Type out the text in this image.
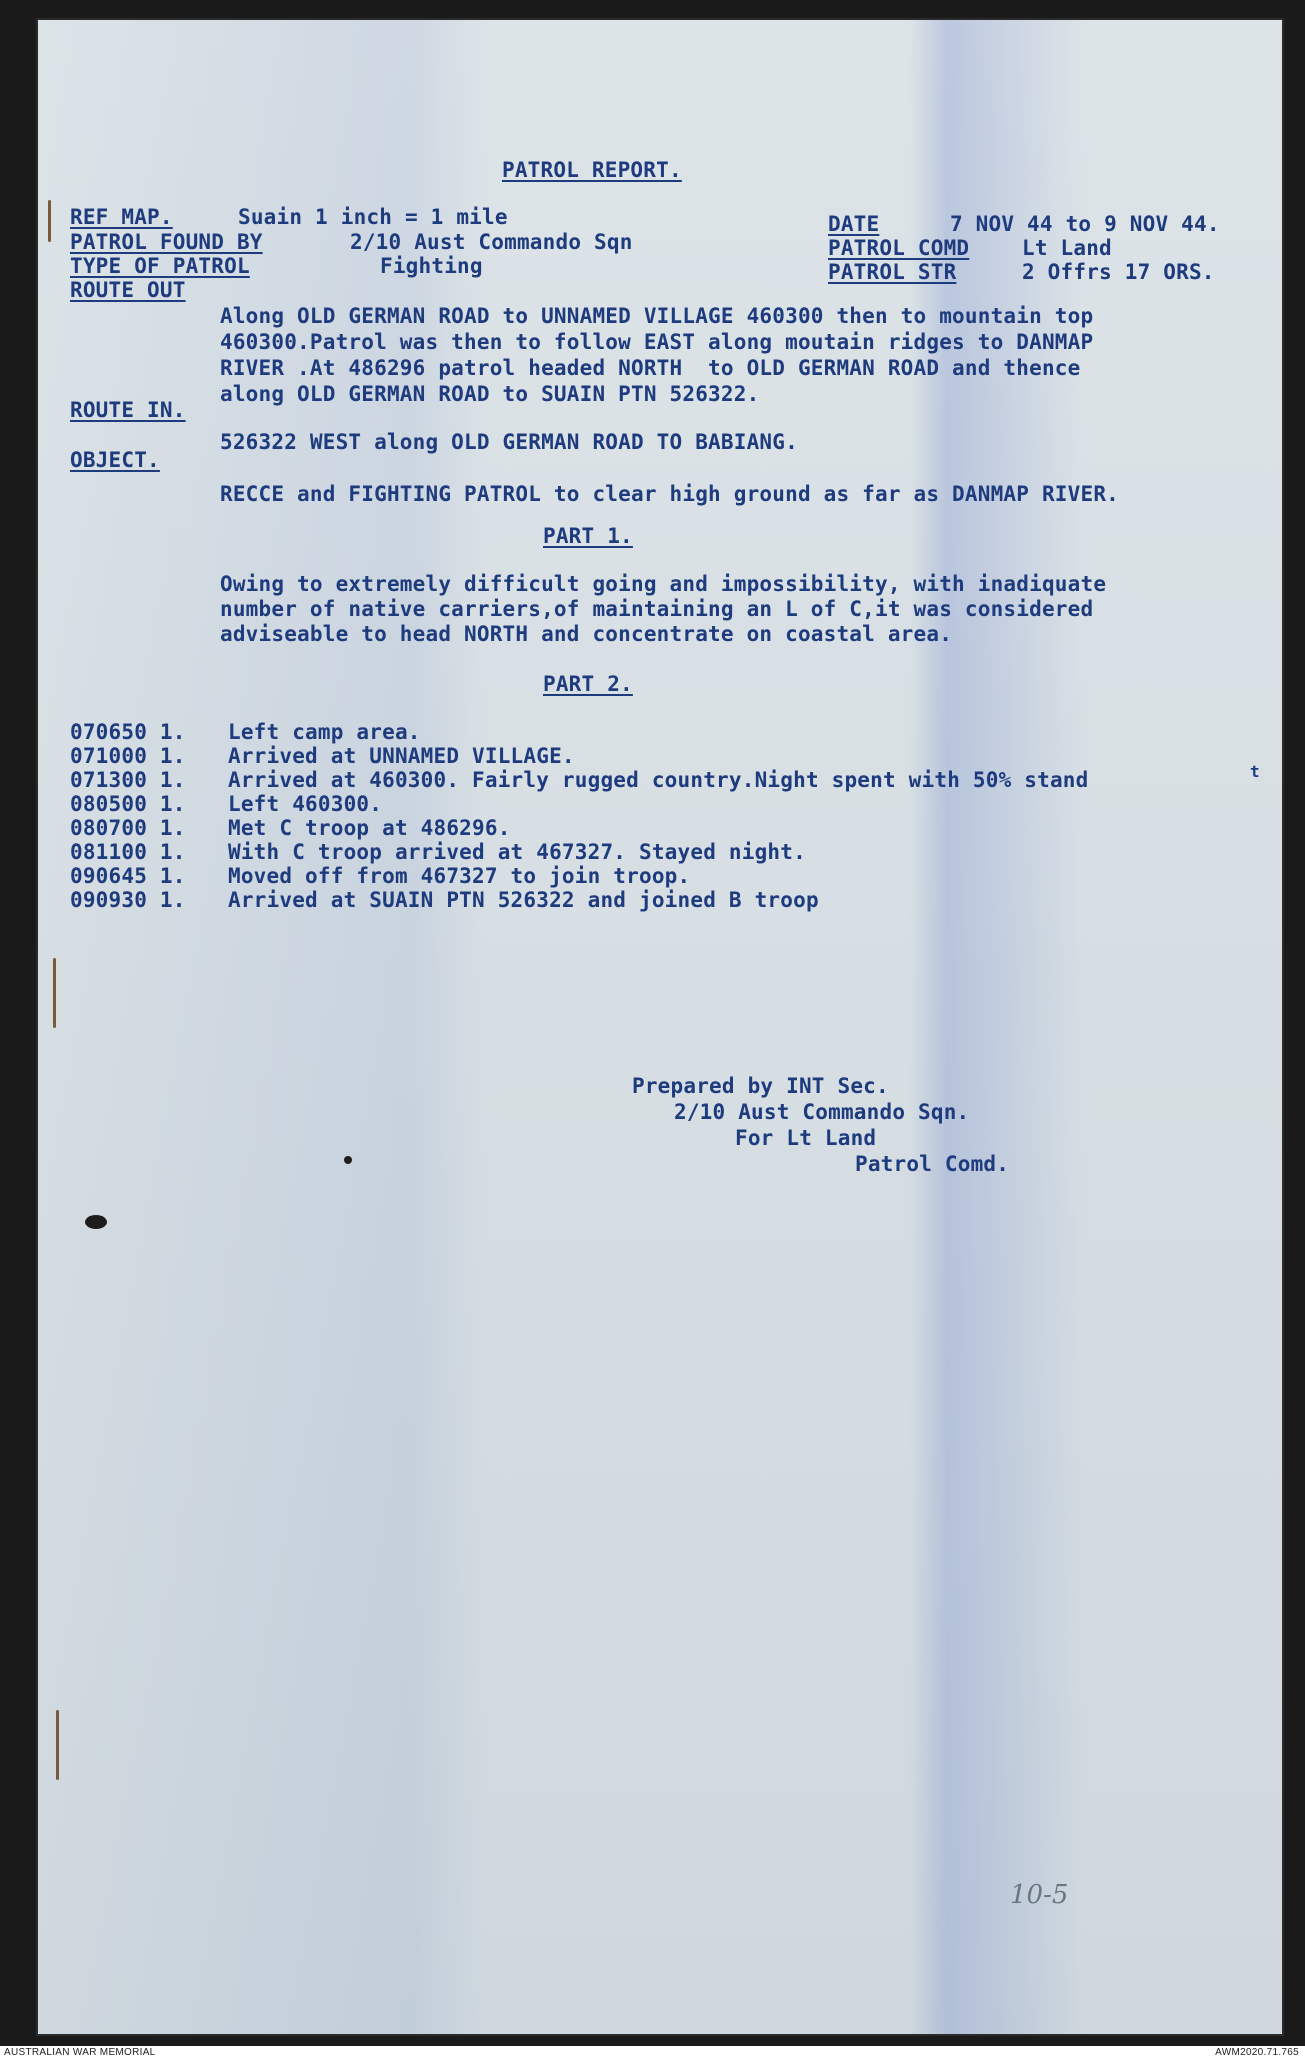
PATROL REPORT.
REF MAP.	Suain 1 inch = 1 mile
PATROL FOUND BY	2/10 Aust Commando Sqn
TYPE OF PATROL	Fighting
ROUTE OUT
DATE	7 NOV 44 to 9 NOV 44.
PATROL COMD	Lt Land
PATROL STR	2 Offrs 17 ORS.
Along OLD GERMAN ROAD to UNNAMED VILLAGE 460300 then to mountain top
460300.Patrol was then to follow EAST along moutain ridges to DANMAP
RIVER .At 486296 patrol headed NORTH  to OLD GERMAN ROAD and thence
along OLD GERMAN ROAD to SUAIN PTN 526322.
ROUTE IN.
526322 WEST along OLD GERMAN ROAD TO BABIANG.
OBJECT.
RECCE and FIGHTING PATROL to clear high ground as far as DANMAP RIVER.
PART 1.
Owing to extremely difficult going and impossibility, with inadiquate
number of native carriers,of maintaining an L of C,it was considered
adviseable to head NORTH and concentrate on coastal area.
PART 2.
070650 1. Left camp area.
071000 1. Arrived at UNNAMED VILLAGE.
071300 1. Arrived at 460300. Fairly rugged country.Night spent with 50% stand	t
080500 1. Left 460300.
080700 1. Met C troop at 486296.
081100 1. With C troop arrived at 467327. Stayed night.
090645 1. Moved off from 467327 to join troop.
090930 1. Arrived at SUAIN PTN 526322 and joined B troop
Prepared by INT Sec.
2/10 Aust Commando Sqn.
For Lt Land
Patrol Comd.
10-5
AUSTRALIAN WAR MEMORIAL	AWM2020.71.765
